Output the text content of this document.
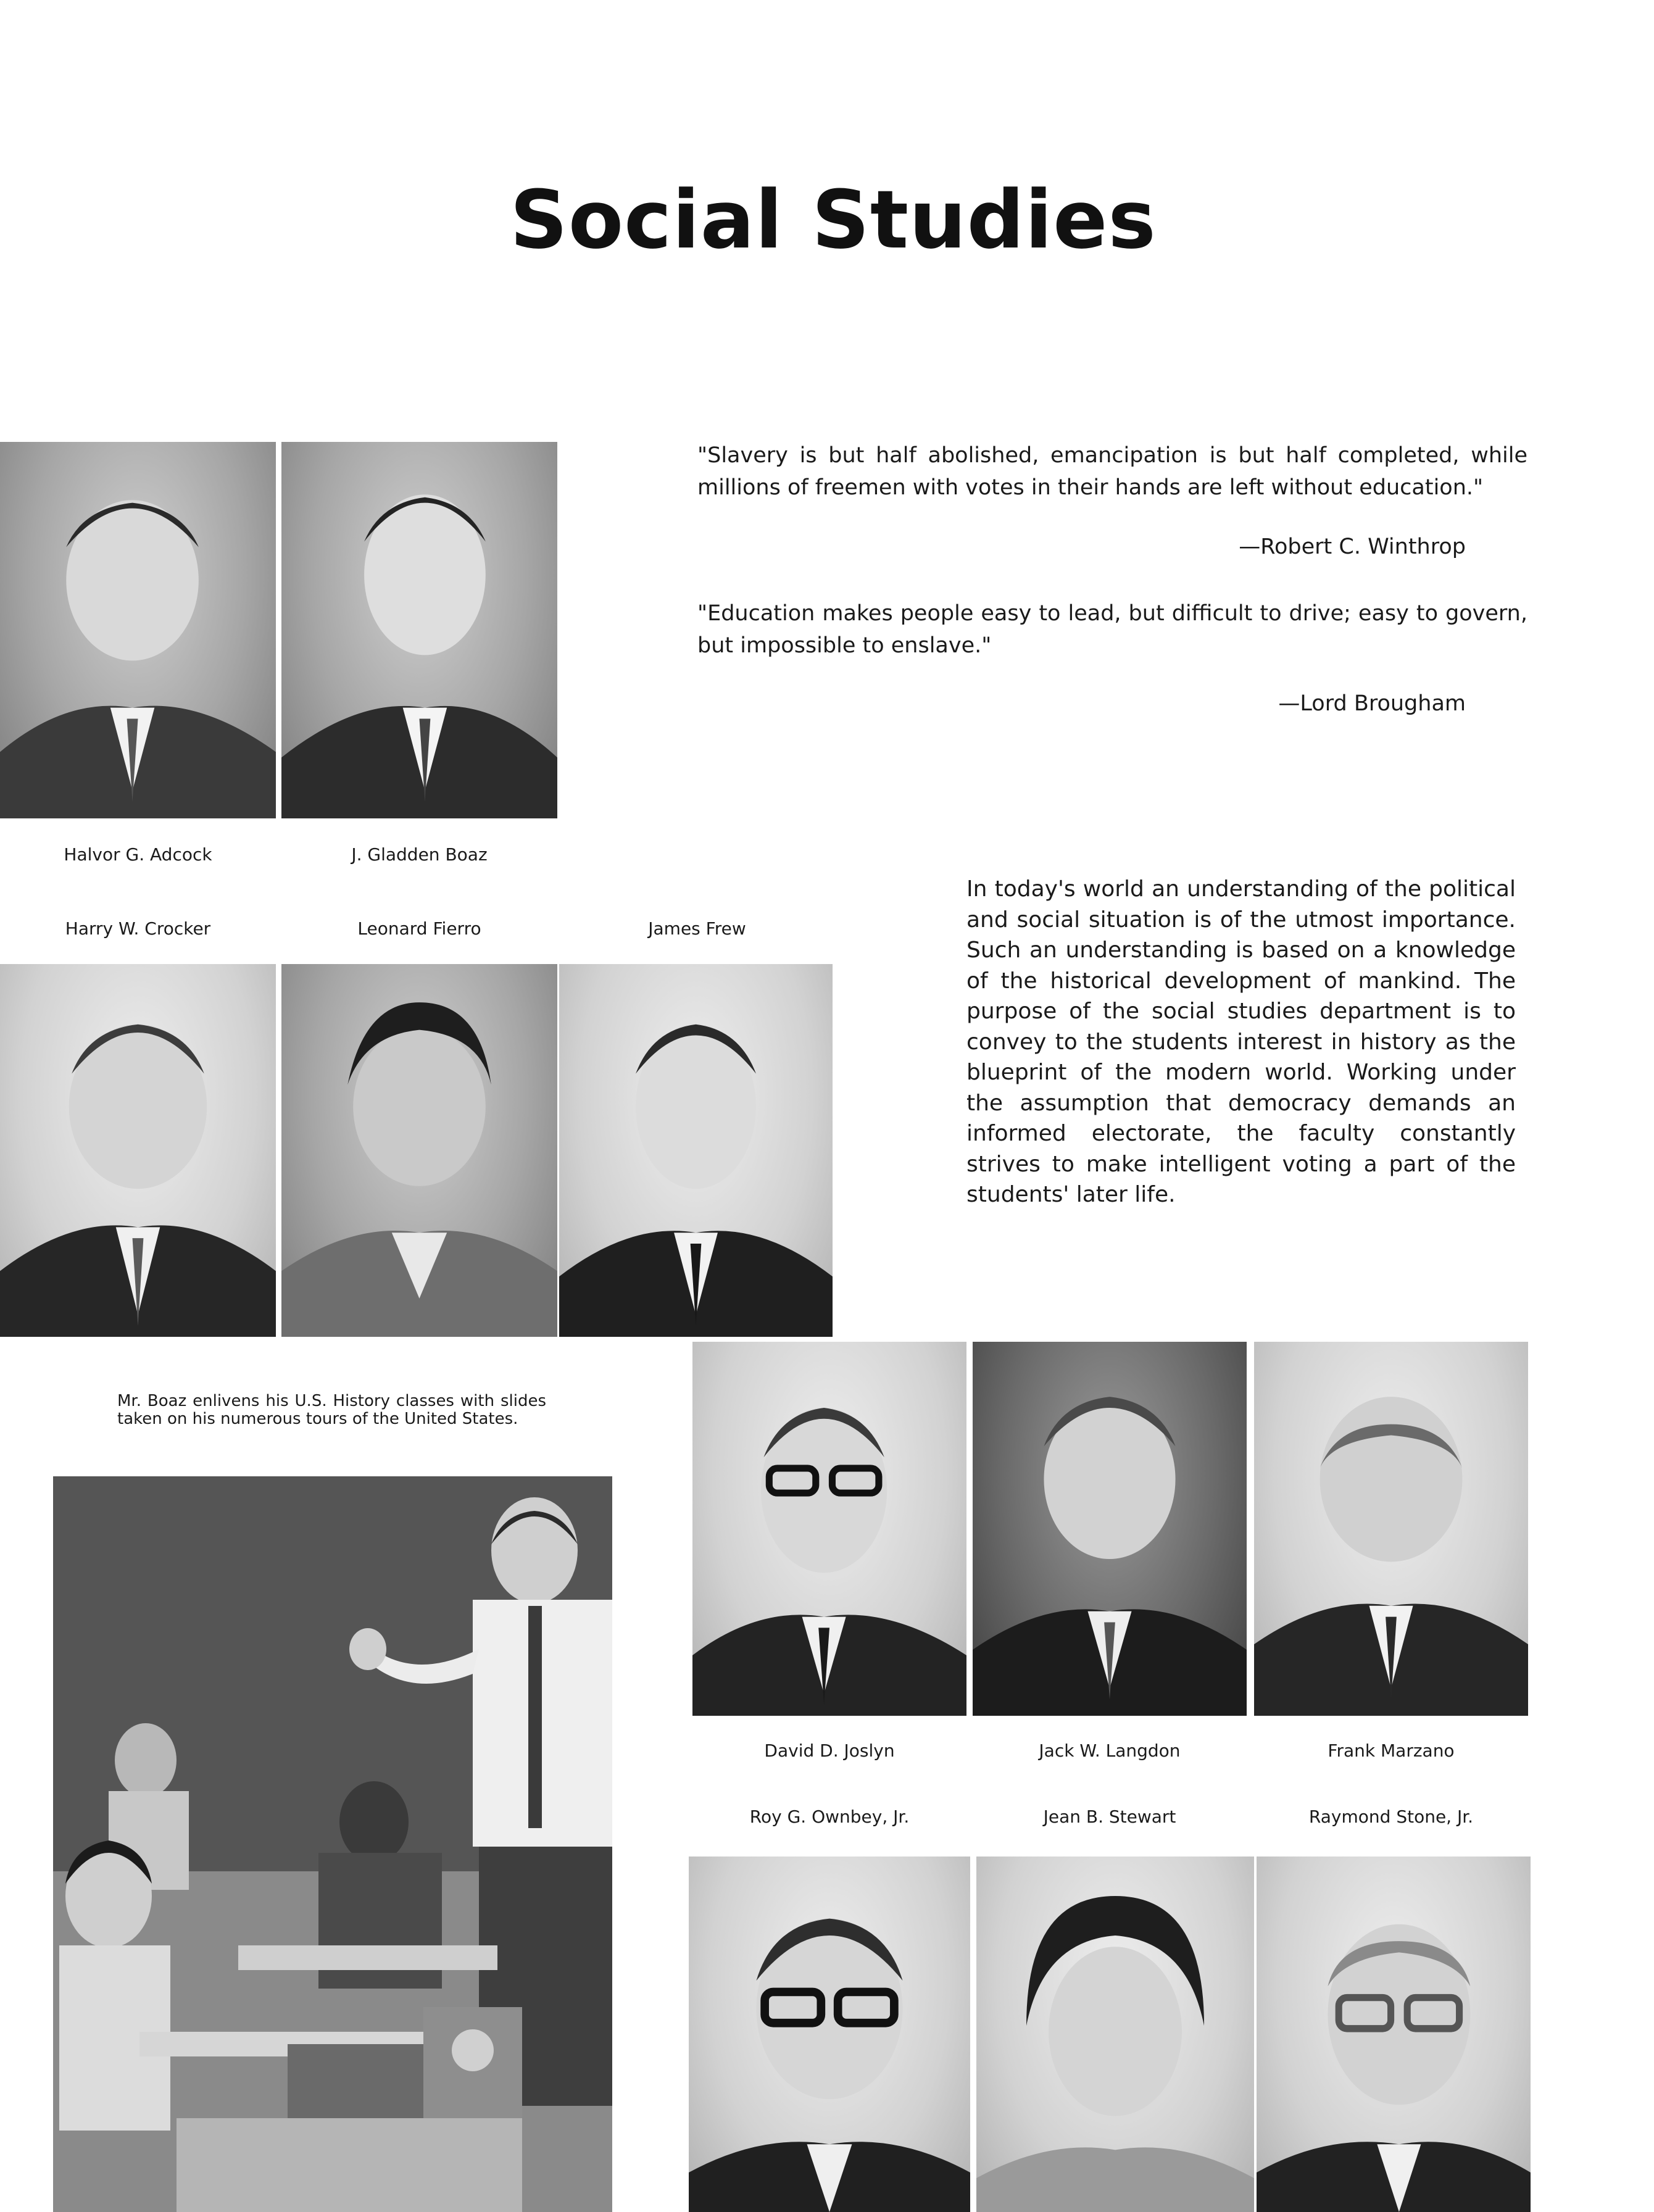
Social Studies
"Slavery is but half abolished, emancipation is but half completed, while
millions of freemen with votes in their hands are left without education."
—Robert C. Winthrop
"Education makes people easy to lead, but difficult to drive; easy to govern,
but impossible to enslave."
—Lord Brougham
In today's world an understanding of the political and social situation is of the utmost importance. Such an understanding is based on a knowledge of the historical development of mankind. The purpose of the social studies department is to convey to the students interest in history as the blueprint of the modern world. Working under the assumption that democracy demands an informed electorate, the faculty constantly strives to make intelligent voting a part of the students' later life.
Halvor G. Adcock	J. Gladden Boaz
Harry W. Crocker	Leonard Fierro	James Frew
Mr. Boaz enlivens his U.S. History classes with slides taken on his numerous tours of the United States.
David D. Joslyn	Jack W. Langdon	Frank Marzano
Roy G. Ownbey, Jr.	Jean B. Stewart	Raymond Stone, Jr.
